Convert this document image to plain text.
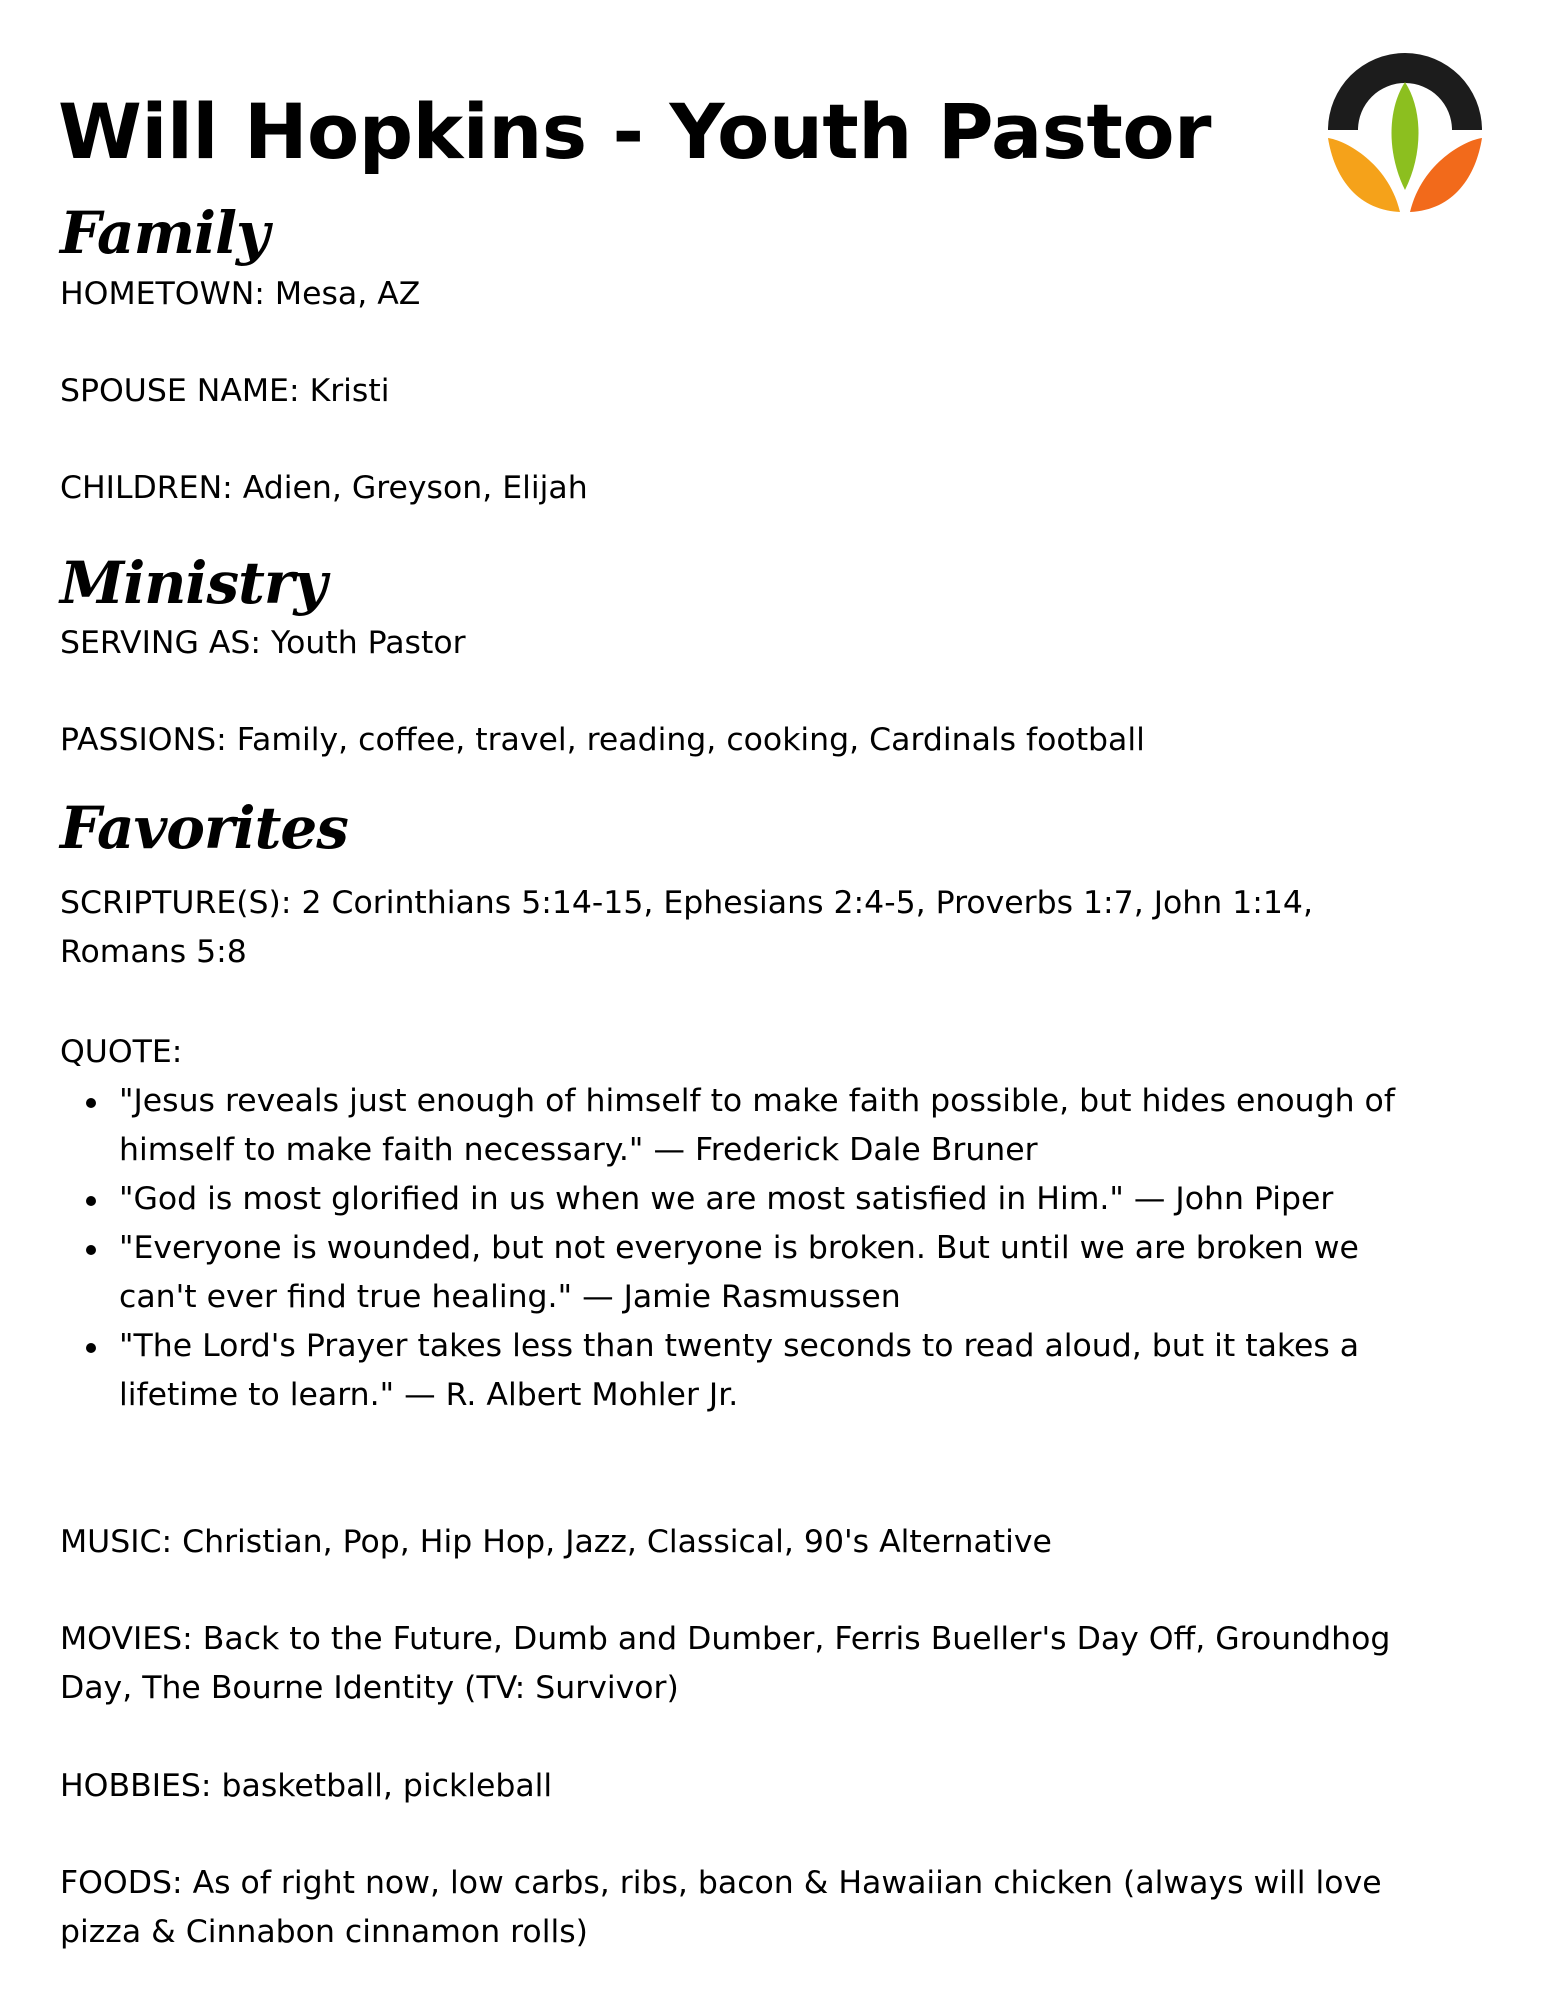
Will Hopkins - Youth Pastor
Family

HOMETOWN: Mesa, AZ

SPOUSE NAME: Kristi

CHILDREN: Adien, Greyson, Elijah

Ministry

SERVING AS: Youth Pastor

PASSIONS: Family, coffee, travel, reading, cooking, Cardinals football

Favorites

SCRIPTURE(S): 2 Corinthians 5:14-15, Ephesians 2:4-5, Proverbs 1:7, John 1:14, Romans 5:8

QUOTE:

"Jesus reveals just enough of himself to make faith possible, but hides enough of himself to make faith necessary." — Frederick Dale Bruner
"God is most glorified in us when we are most satisfied in Him." — John Piper
"Everyone is wounded, but not everyone is broken. But until we are broken we can't ever find true healing." — Jamie Rasmussen
"The Lord's Prayer takes less than twenty seconds to read aloud, but it takes a lifetime to learn." — R. Albert Mohler Jr.

MUSIC: Christian, Pop, Hip Hop, Jazz, Classical, 90's Alternative

MOVIES: Back to the Future, Dumb and Dumber, Ferris Bueller's Day Off, Groundhog Day, The Bourne Identity (TV: Survivor)

HOBBIES: basketball, pickleball

FOODS: As of right now, low carbs, ribs, bacon & Hawaiian chicken (always will love pizza & Cinnabon cinnamon rolls)
